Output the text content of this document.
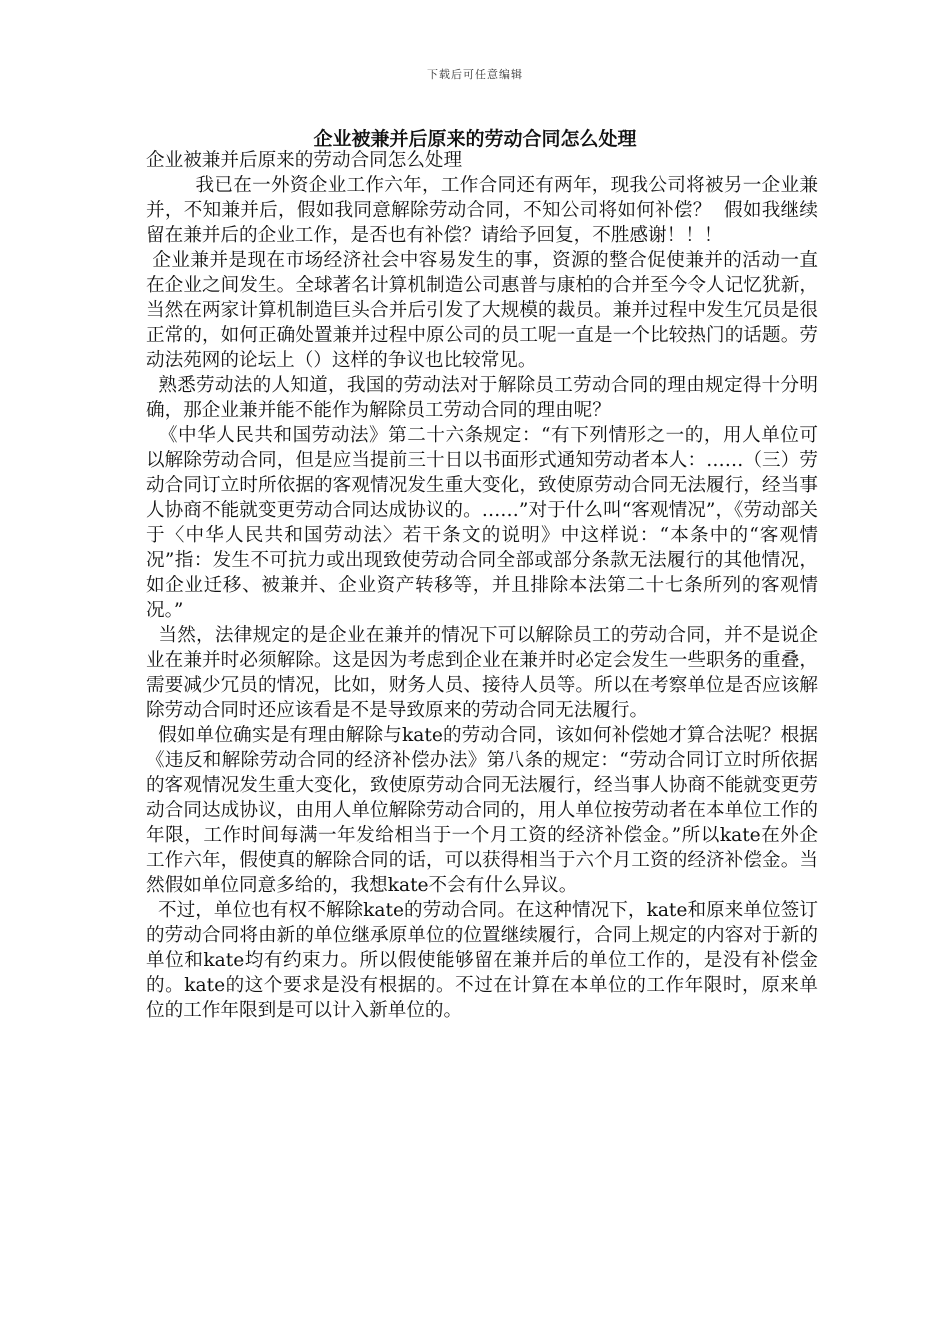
下载后可任意编辑
企业被兼并后原来的劳动合同怎么处理

企业被兼并后原来的劳动合同怎么处理

我已在一外资企业工作六年，工作合同还有两年，现我公司将被另一企业兼并，不知兼并后，假如我同意解除劳动合同，不知公司将如何补偿？  假如我继续留在兼并后的企业工作，是否也有补偿？请给予回复，不胜感谢！！！

企业兼并是现在市场经济社会中容易发生的事，资源的整合促使兼并的活动一直在企业之间发生。全球著名计算机制造公司惠普与康柏的合并至今令人记忆犹新，当然在两家计算机制造巨头合并后引发了大规模的裁员。兼并过程中发生冗员是很正常的，如何正确处置兼并过程中原公司的员工呢一直是一个比较热门的话题。劳动法苑网的论坛上（）这样的争议也比较常见。

熟悉劳动法的人知道，我国的劳动法对于解除员工劳动合同的理由规定得十分明确，那企业兼并能不能作为解除员工劳动合同的理由呢？

《中华人民共和国劳动法》第二十六条规定：“有下列情形之一的，用人单位可以解除劳动合同，但是应当提前三十日以书面形式通知劳动者本人：……（三）劳动合同订立时所依据的客观情况发生重大变化，致使原劳动合同无法履行，经当事人协商不能就变更劳动合同达成协议的。……”对于什么叫“客观情况”，《劳动部关于〈中华人民共和国劳动法〉若干条文的说明》中这样说：“本条中的“客观情况”指：发生不可抗力或出现致使劳动合同全部或部分条款无法履行的其他情况，如企业迁移、被兼并、企业资产转移等，并且排除本法第二十七条所列的客观情况。”

当然，法律规定的是企业在兼并的情况下可以解除员工的劳动合同，并不是说企业在兼并时必须解除。这是因为考虑到企业在兼并时必定会发生一些职务的重叠，需要减少冗员的情况，比如，财务人员、接待人员等。所以在考察单位是否应该解除劳动合同时还应该看是不是导致原来的劳动合同无法履行。

假如单位确实是有理由解除与kate的劳动合同，该如何补偿她才算合法呢？根据《违反和解除劳动合同的经济补偿办法》第八条的规定：“劳动合同订立时所依据的客观情况发生重大变化，致使原劳动合同无法履行，经当事人协商不能就变更劳动合同达成协议，由用人单位解除劳动合同的，用人单位按劳动者在本单位工作的年限，工作时间每满一年发给相当于一个月工资的经济补偿金。”所以kate在外企工作六年，假使真的解除合同的话，可以获得相当于六个月工资的经济补偿金。当然假如单位同意多给的，我想kate不会有什么异议。

不过，单位也有权不解除kate的劳动合同。在这种情况下，kate和原来单位签订的劳动合同将由新的单位继承原单位的位置继续履行，合同上规定的内容对于新的单位和kate均有约束力。所以假使能够留在兼并后的单位工作的，是没有补偿金的。kate的这个要求是没有根据的。不过在计算在本单位的工作年限时，原来单位的工作年限到是可以计入新单位的。
